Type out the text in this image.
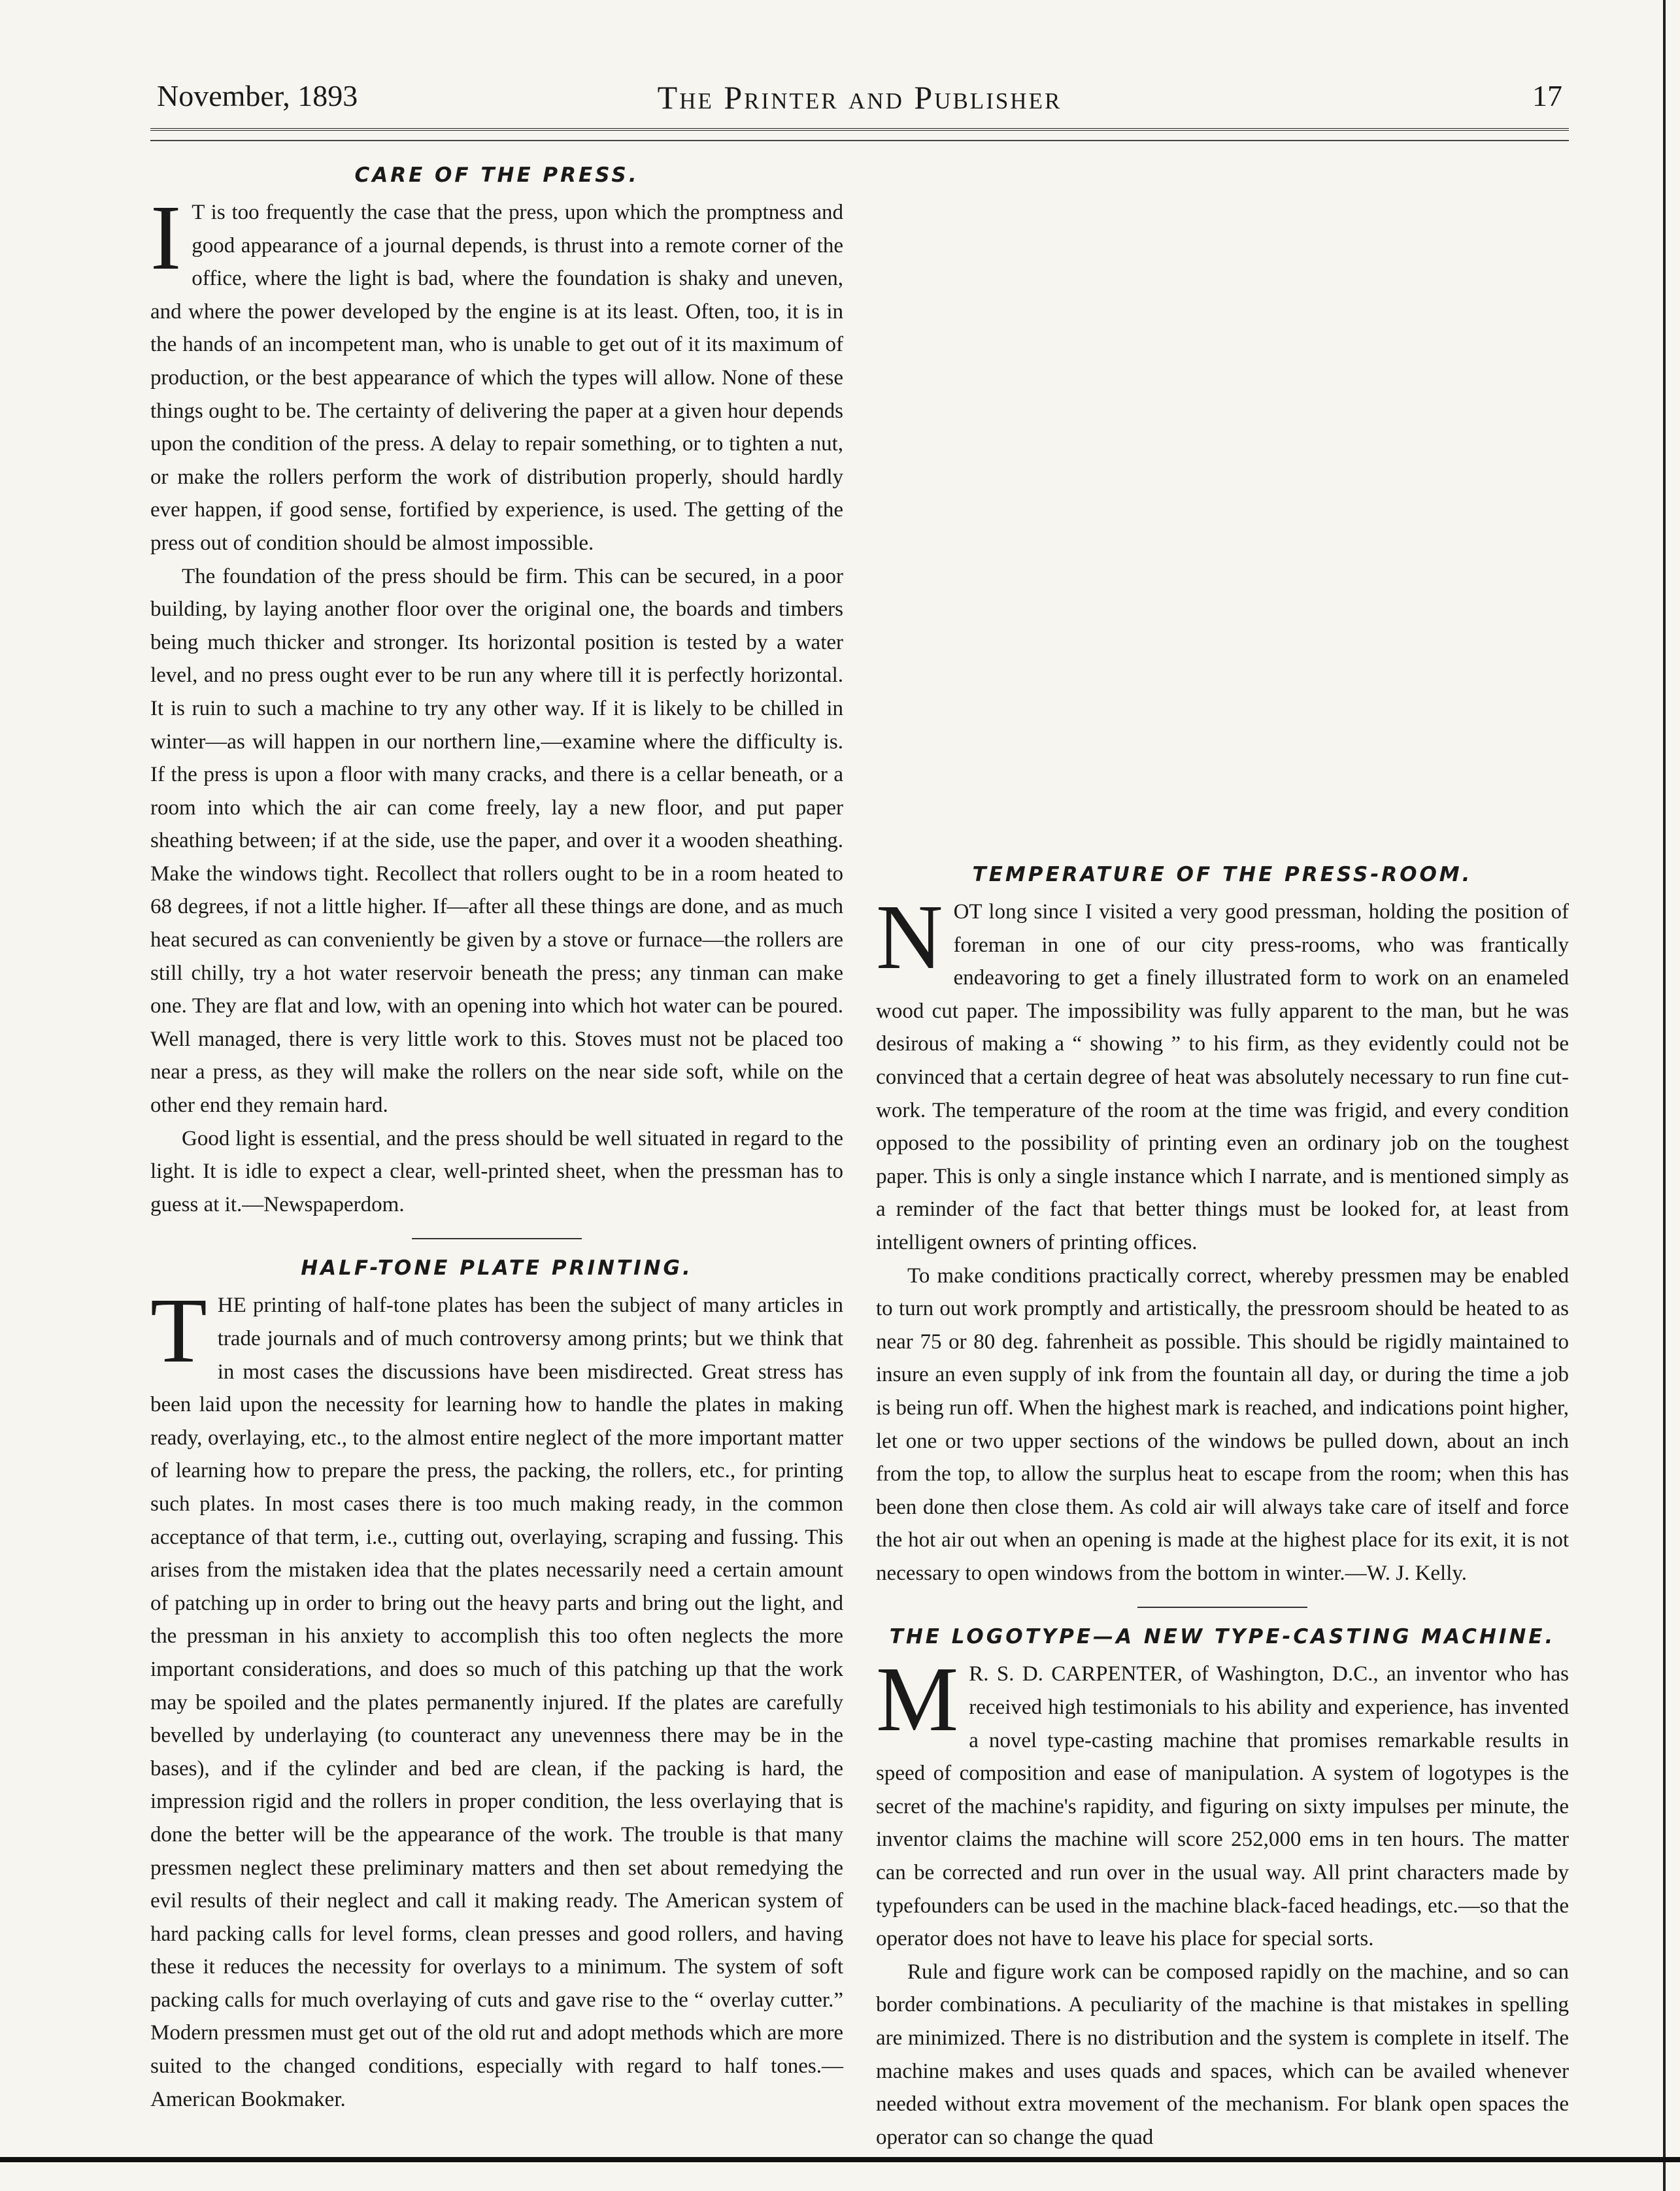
November, 1893	The Printer and Publisher	17
CARE OF THE PRESS.

I T is too frequently the case that the press, upon which the promptness and good appearance of a journal depends, is thrust into a remote corner of the office, where the light is bad, where the foundation is shaky and uneven, and where the power developed by the engine is at its least. Often, too, it is in the hands of an incompetent man, who is unable to get out of it its maximum of production, or the best appearance of which the types will allow. None of these things ought to be. The certainty of delivering the paper at a given hour depends upon the condition of the press. A delay to repair something, or to tighten a nut, or make the rollers perform the work of distribution properly, should hardly ever happen, if good sense, fortified by experience, is used. The getting of the press out of condition should be almost impossible.

The foundation of the press should be firm. This can be secured, in a poor building, by laying another floor over the original one, the boards and timbers being much thicker and stronger. Its horizontal position is tested by a water level, and no press ought ever to be run any where till it is perfectly horizontal. It is ruin to such a machine to try any other way. If it is likely to be chilled in winter—as will happen in our northern line,—examine where the difficulty is. If the press is upon a floor with many cracks, and there is a cellar beneath, or a room into which the air can come freely, lay a new floor, and put paper sheathing between; if at the side, use the paper, and over it a wooden sheathing. Make the windows tight. Recollect that rollers ought to be in a room heated to 68 degrees, if not a little higher. If—after all these things are done, and as much heat secured as can conveniently be given by a stove or furnace—the rollers are still chilly, try a hot water reservoir beneath the press; any tinman can make one. They are flat and low, with an opening into which hot water can be poured. Well managed, there is very little work to this. Stoves must not be placed too near a press, as they will make the rollers on the near side soft, while on the other end they remain hard.

Good light is essential, and the press should be well situated in regard to the light. It is idle to expect a clear, well-printed sheet, when the pressman has to guess at it.—Newspaperdom.

HALF-TONE PLATE PRINTING.

THE printing of half-tone plates has been the subject of many articles in trade journals and of much controversy among prints; but we think that in most cases the discussions have been misdirected. Great stress has been laid upon the necessity for learning how to handle the plates in making ready, overlaying, etc., to the almost entire neglect of the more important matter of learning how to prepare the press, the packing, the rollers, etc., for printing such plates. In most cases there is too much making ready, in the common acceptance of that term, i.e., cutting out, overlaying, scraping and fussing. This arises from the mistaken idea that the plates necessarily need a certain amount of patching up in order to bring out the heavy parts and bring out the light, and the pressman in his anxiety to accomplish this too often neglects the more important considerations, and does so much of this patching up that the work may be spoiled and the plates permanently injured. If the plates are carefully bevelled by underlaying (to counteract any unevenness there may be in the bases), and if the cylinder and bed are clean, if the packing is hard, the impression rigid and the rollers in proper condition, the less overlaying that is done the better will be the appearance of the work. The trouble is that many pressmen neglect these preliminary matters and then set about remedying the evil results of their neglect and call it making ready. The American system of hard packing calls for level forms, clean presses and good rollers, and having these it reduces the necessity for overlays to a minimum. The system of soft packing calls for much overlaying of cuts and gave rise to the “ overlay cutter.” Modern pressmen must get out of the old rut and adopt methods which are more suited to the changed conditions, especially with regard to half tones.—American Bookmaker.

TEMPERATURE OF THE PRESS-ROOM.

NOT long since I visited a very good pressman, holding the position of foreman in one of our city press-rooms, who was frantically endeavoring to get a finely illustrated form to work on an enameled wood cut paper. The impossibility was fully apparent to the man, but he was desirous of making a “ showing ” to his firm, as they evidently could not be convinced that a certain degree of heat was absolutely necessary to run fine cut-work. The temperature of the room at the time was frigid, and every condition opposed to the possibility of printing even an ordinary job on the toughest paper. This is only a single instance which I narrate, and is mentioned simply as a reminder of the fact that better things must be looked for, at least from intelligent owners of printing offices.

To make conditions practically correct, whereby pressmen may be enabled to turn out work promptly and artistically, the pressroom should be heated to as near 75 or 80 deg. fahrenheit as possible. This should be rigidly maintained to insure an even supply of ink from the fountain all day, or during the time a job is being run off. When the highest mark is reached, and indications point higher, let one or two upper sections of the windows be pulled down, about an inch from the top, to allow the surplus heat to escape from the room; when this has been done then close them. As cold air will always take care of itself and force the hot air out when an opening is made at the highest place for its exit, it is not necessary to open windows from the bottom in winter.—W. J. Kelly.

THE LOGOTYPE—A NEW TYPE-CASTING MACHINE.

M R. S. D. CARPENTER, of Washington, D.C., an inventor who has received high testimonials to his ability and experience, has invented a novel type-casting machine that promises remarkable results in speed of composition and ease of manipulation. A system of logotypes is the secret of the machine's rapidity, and figuring on sixty impulses per minute, the inventor claims the machine will score 252,000 ems in ten hours. The matter can be corrected and run over in the usual way. All print characters made by typefounders can be used in the machine black-faced headings, etc.—so that the operator does not have to leave his place for special sorts.

Rule and figure work can be composed rapidly on the machine, and so can border combinations. A peculiarity of the machine is that mistakes in spelling are minimized. There is no distribution and the system is complete in itself. The machine makes and uses quads and spaces, which can be availed whenever needed without extra movement of the mechanism. For blank open spaces the operator can so change the quad
